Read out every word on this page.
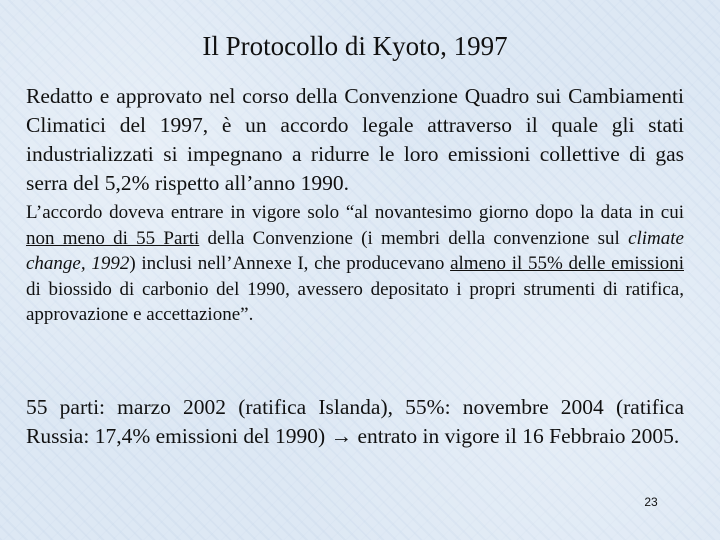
Il Protocollo di Kyoto, 1997
Redatto e approvato nel corso della Convenzione Quadro sui Cambiamenti Climatici del 1997, è un accordo legale attraverso il quale gli stati industrializzati si impegnano a ridurre le loro emissioni collettive di gas serra del 5,2% rispetto all’anno 1990.
L’accordo doveva entrare in vigore solo “al novantesimo giorno dopo la data in cui non meno di 55 Parti della Convenzione (i membri della convenzione sul climate change, 1992) inclusi nell’Annexe I, che producevano almeno il 55% delle emissioni di biossido di carbonio del 1990, avessero depositato i propri strumenti di ratifica, approvazione e accettazione”.
55 parti: marzo 2002 (ratifica Islanda), 55%: novembre 2004 (ratifica Russia: 17,4% emissioni del 1990) → entrato in vigore il 16 Febbraio 2005.
23
